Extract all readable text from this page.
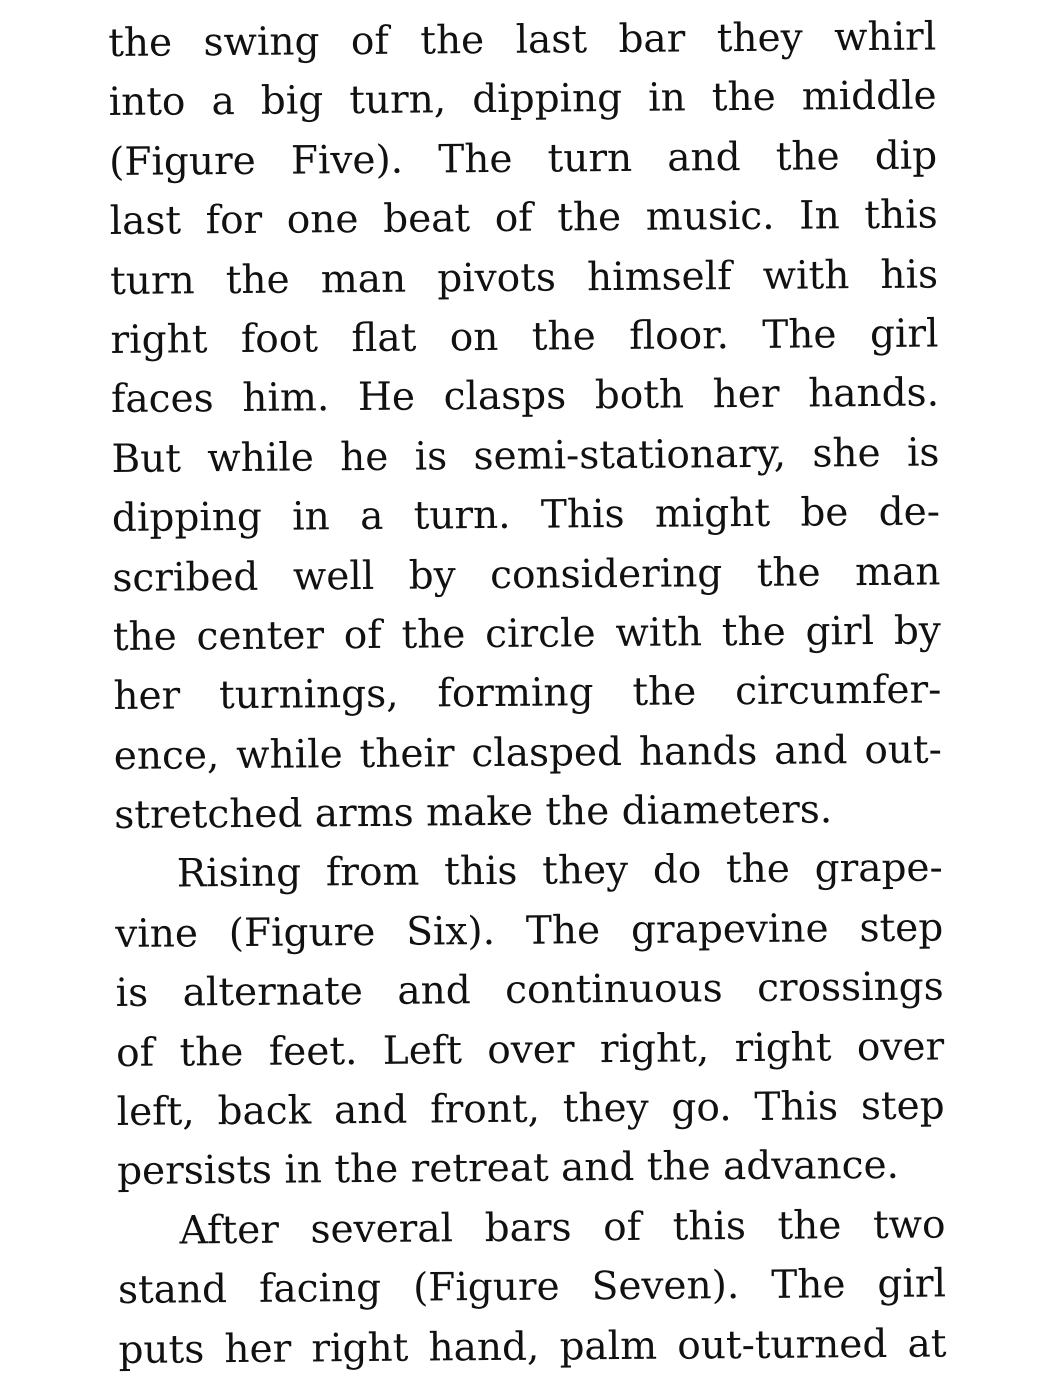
the swing of the last bar they whirl
into a big turn, dipping in the middle
(Figure Five). The turn and the dip
last for one beat of the music. In this
turn the man pivots himself with his
right foot flat on the floor. The girl
faces him. He clasps both her hands.
But while he is semi-stationary, she is
dipping in a turn. This might be de-
scribed well by considering the man
the center of the circle with the girl by
her turnings, forming the circumfer-
ence, while their clasped hands and out-
stretched arms make the diameters.
Rising from this they do the grape-
vine (Figure Six). The grapevine step
is alternate and continuous crossings
of the feet. Left over right, right over
left, back and front, they go. This step
persists in the retreat and the advance.
After several bars of this the two
stand facing (Figure Seven). The girl
puts her right hand, palm out-turned at
